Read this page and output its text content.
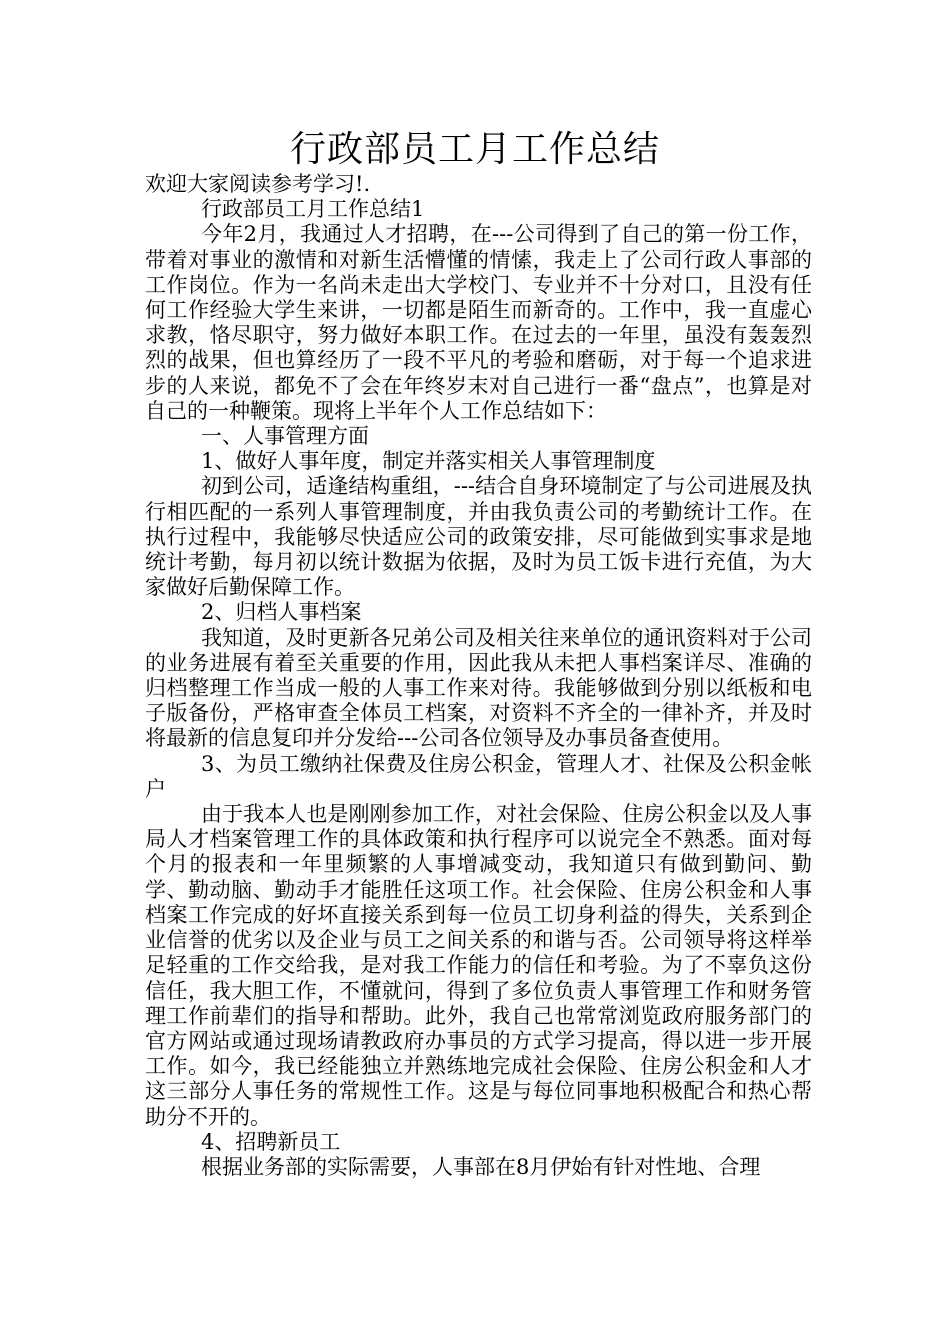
行政部员工月工作总结

欢迎大家阅读参考学习!.

行政部员工月工作总结1

今年2月，我通过人才招聘，在---公司得到了自己的第一份工作，带着对事业的激情和对新生活懵懂的情愫，我走上了公司行政人事部的工作岗位。作为一名尚未走出大学校门、专业并不十分对口，且没有任何工作经验大学生来讲，一切都是陌生而新奇的。工作中，我一直虚心求教，恪尽职守，努力做好本职工作。在过去的一年里，虽没有轰轰烈烈的战果，但也算经历了一段不平凡的考验和磨砺，对于每一个追求进步的人来说，都免不了会在年终岁末对自己进行一番“盘点”，也算是对自己的一种鞭策。现将上半年个人工作总结如下：

一、人事管理方面

1、做好人事年度，制定并落实相关人事管理制度

初到公司，适逢结构重组，---结合自身环境制定了与公司进展及执行相匹配的一系列人事管理制度，并由我负责公司的考勤统计工作。在执行过程中，我能够尽快适应公司的政策安排，尽可能做到实事求是地统计考勤，每月初以统计数据为依据，及时为员工饭卡进行充值，为大家做好后勤保障工作。

2、归档人事档案

我知道，及时更新各兄弟公司及相关往来单位的通讯资料对于公司的业务进展有着至关重要的作用，因此我从未把人事档案详尽、准确的归档整理工作当成一般的人事工作来对待。我能够做到分别以纸板和电子版备份，严格审查全体员工档案，对资料不齐全的一律补齐，并及时将最新的信息复印并分发给---公司各位领导及办事员备查使用。

3、为员工缴纳社保费及住房公积金，管理人才、社保及公积金帐户

由于我本人也是刚刚参加工作，对社会保险、住房公积金以及人事局人才档案管理工作的具体政策和执行程序可以说完全不熟悉。面对每个月的报表和一年里频繁的人事增减变动，我知道只有做到勤问、勤学、勤动脑、勤动手才能胜任这项工作。社会保险、住房公积金和人事档案工作完成的好坏直接关系到每一位员工切身利益的得失，关系到企业信誉的优劣以及企业与员工之间关系的和谐与否。公司领导将这样举足轻重的工作交给我，是对我工作能力的信任和考验。为了不辜负这份信任，我大胆工作，不懂就问，得到了多位负责人事管理工作和财务管理工作前辈们的指导和帮助。此外，我自己也常常浏览政府服务部门的官方网站或通过现场请教政府办事员的方式学习提高，得以进一步开展工作。如今，我已经能独立并熟练地完成社会保险、住房公积金和人才这三部分人事任务的常规性工作。这是与每位同事地积极配合和热心帮助分不开的。

4、招聘新员工

根据业务部的实际需要，人事部在8月伊始有针对性地、合理
